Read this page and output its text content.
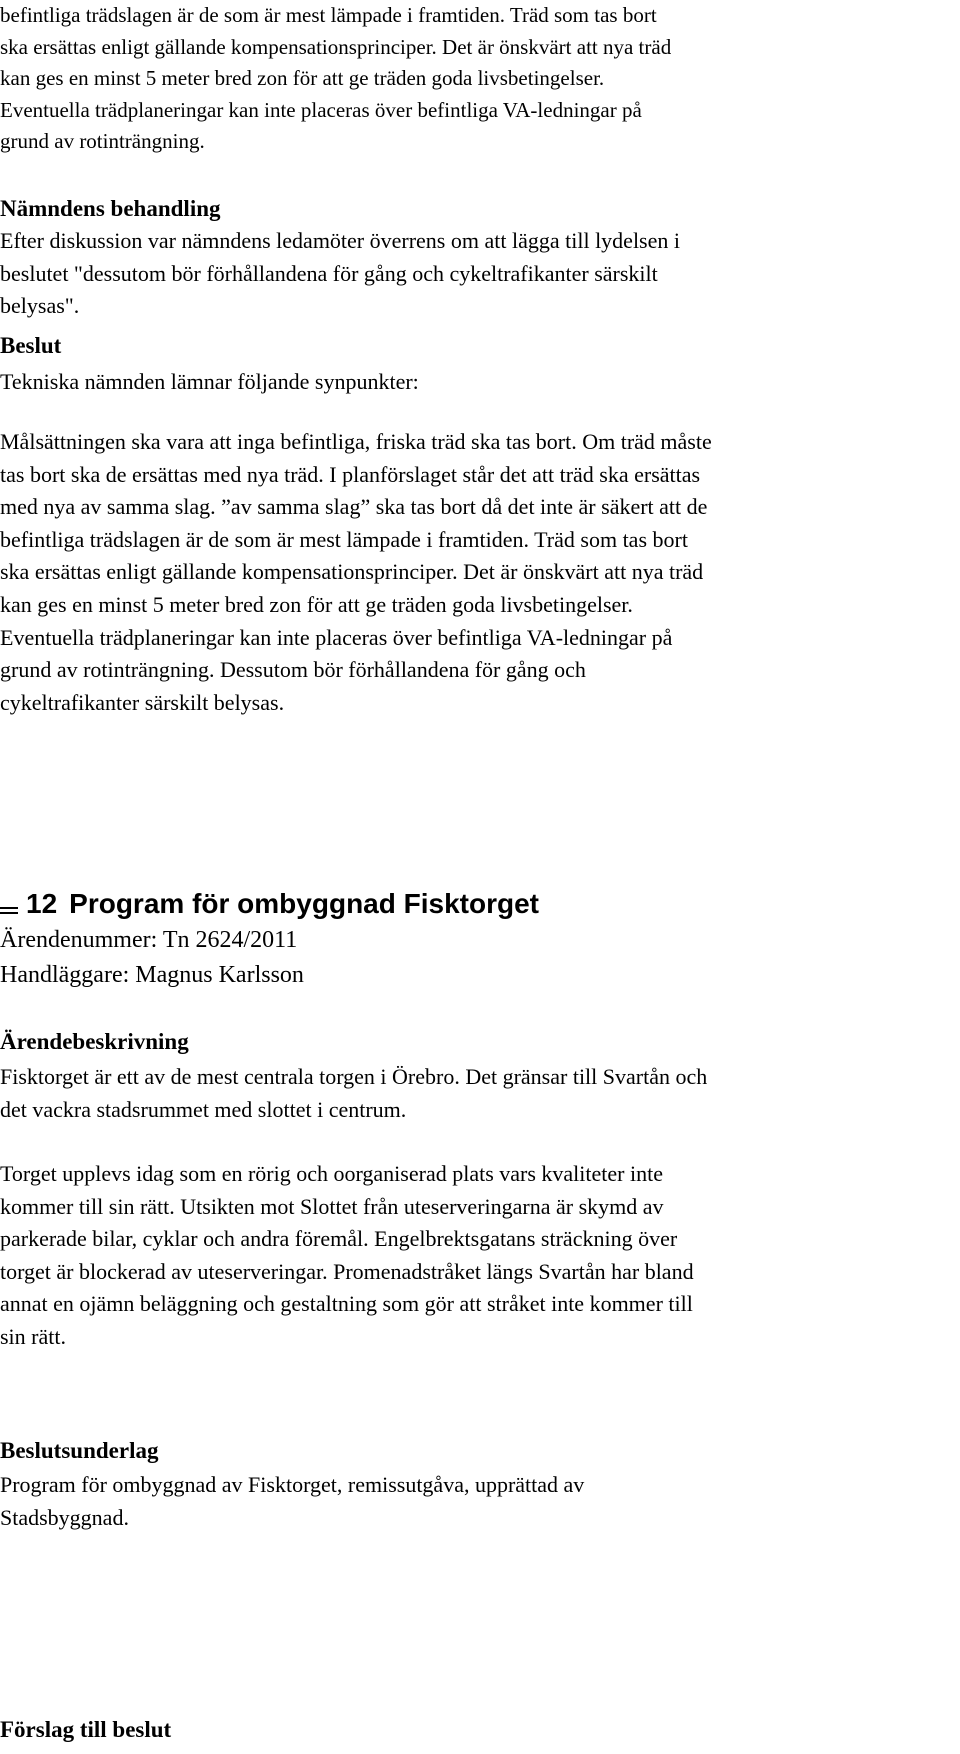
befintliga trädslagen är de som är mest lämpade i framtiden. Träd som tas bort
ska ersättas enligt gällande kompensationsprinciper. Det är önskvärt att nya träd
kan ges en minst 5 meter bred zon för att ge träden goda livsbetingelser.
Eventuella trädplaneringar kan inte placeras över befintliga VA-ledningar på
grund av rotinträngning.
Nämndens behandling
Efter diskussion var nämndens ledamöter överrens om att lägga till lydelsen i
beslutet "dessutom bör förhållandena för gång och cykeltrafikanter särskilt
belysas".
Beslut
Tekniska nämnden lämnar följande synpunkter:
Målsättningen ska vara att inga befintliga, friska träd ska tas bort. Om träd måste
tas bort ska de ersättas med nya träd. I planförslaget står det att träd ska ersättas
med nya av samma slag. ”av samma slag” ska tas bort då det inte är säkert att de
befintliga trädslagen är de som är mest lämpade i framtiden. Träd som tas bort
ska ersättas enligt gällande kompensationsprinciper. Det är önskvärt att nya träd
kan ges en minst 5 meter bred zon för att ge träden goda livsbetingelser.
Eventuella trädplaneringar kan inte placeras över befintliga VA-ledningar på
grund av rotinträngning. Dessutom bör förhållandena för gång och
cykeltrafikanter särskilt belysas.
12 Program för ombyggnad Fisktorget
Ärendenummer: Tn 2624/2011
Handläggare: Magnus Karlsson
Ärendebeskrivning
Fisktorget är ett av de mest centrala torgen i Örebro. Det gränsar till Svartån och
det vackra stadsrummet med slottet i centrum.
Torget upplevs idag som en rörig och oorganiserad plats vars kvaliteter inte
kommer till sin rätt. Utsikten mot Slottet från uteserveringarna är skymd av
parkerade bilar, cyklar och andra föremål. Engelbrektsgatans sträckning över
torget är blockerad av uteserveringar. Promenadstråket längs Svartån har bland
annat en ojämn beläggning och gestaltning som gör att stråket inte kommer till
sin rätt.
Beslutsunderlag
Program för ombyggnad av Fisktorget, remissutgåva, upprättad av
Stadsbyggnad.
Förslag till beslut
